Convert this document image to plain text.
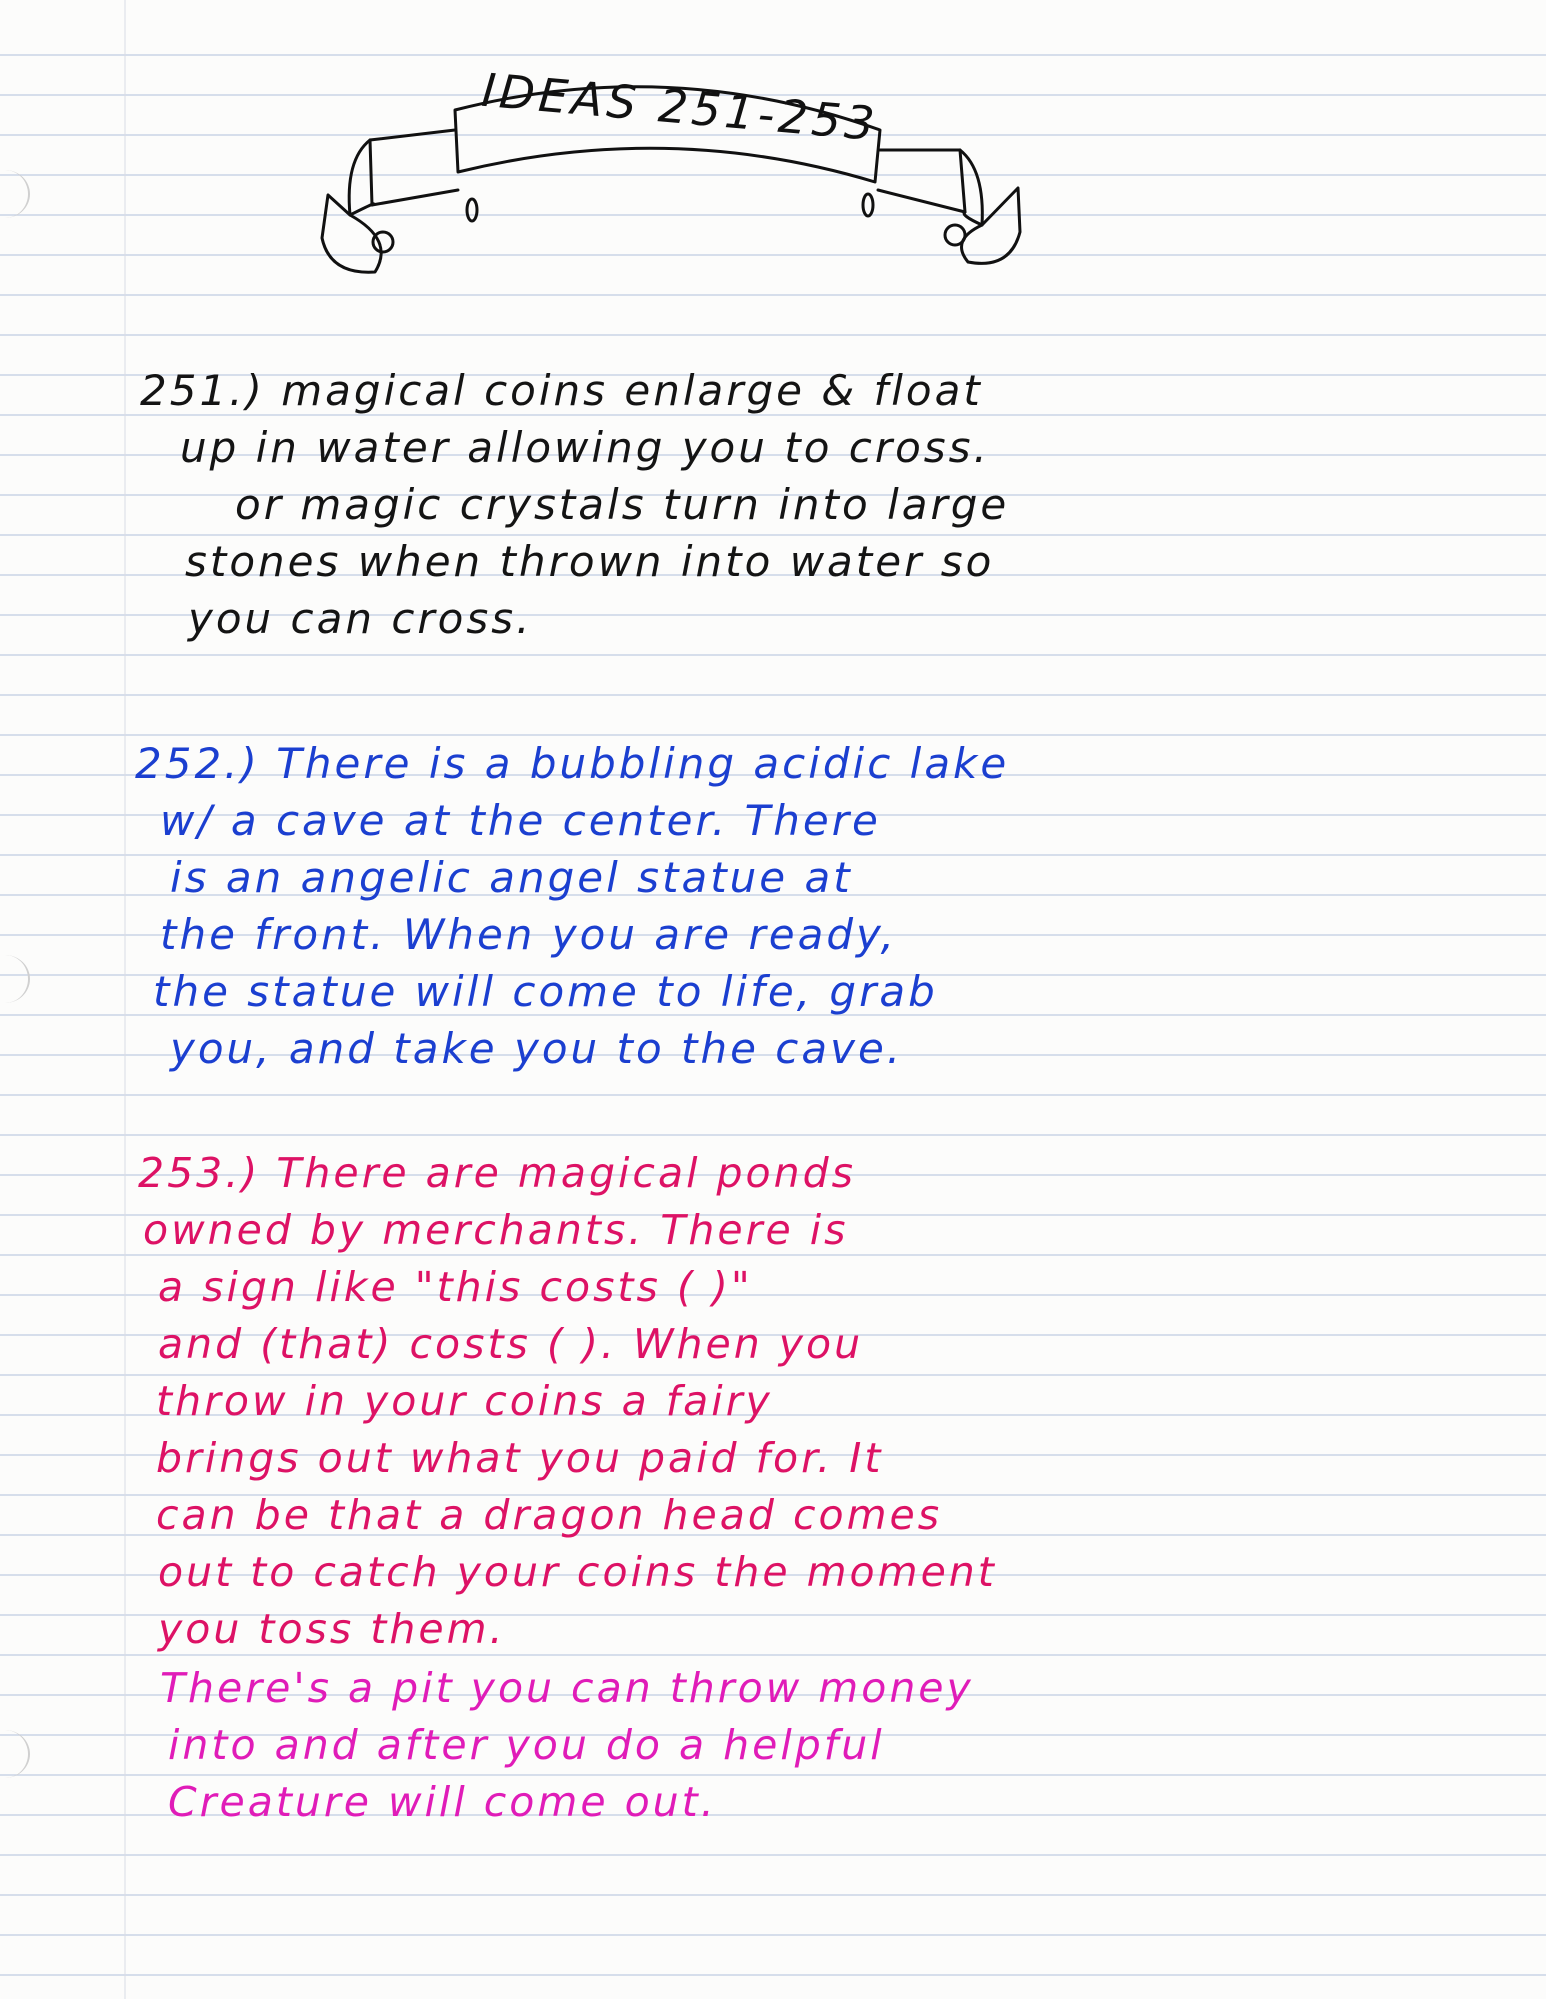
IDEAS 251-253
251.) magical coins enlarge & float
up in water allowing you to cross.
or magic crystals turn into large
stones when thrown into water so
you can cross.
252.) There is a bubbling acidic lake
w/ a cave at the center. There
is an angelic angel statue at
the front. When you are ready,
the statue will come to life, grab
you, and take you to the cave.
253.) There are magical ponds
owned by merchants. There is
a sign like "this costs ( )"
and (that) costs ( ). When you
throw in your coins a fairy
brings out what you paid for. It
can be that a dragon head comes
out to catch your coins the moment
you toss them.
There's a pit you can throw money
into and after you do a helpful
Creature will come out.
